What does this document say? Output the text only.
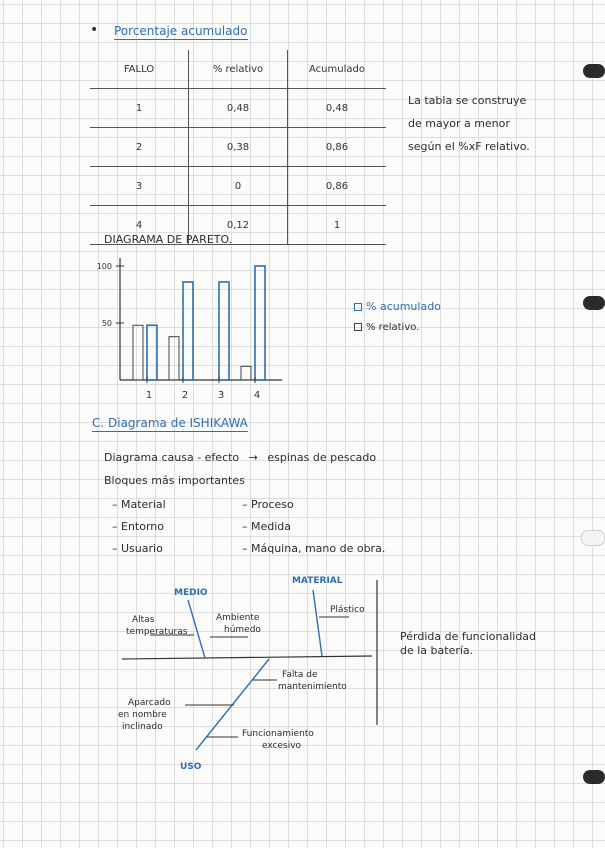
• Porcentaje acumulado
FALLO	% relativo	Acumulado
1	0,48	0,48
2	0,38	0,86
3	0	0,86
4	0,12	1
La tabla se construye
de mayor a menor
según el %xF relativo.
DIAGRAMA DE PARETO.
100
50
1	2	3	4
% acumulado
% relativo.
C. Diagrama de ISHIKAWA
Diagrama causa - efecto → espinas de pescado
Bloques más importantes
– Material
– Entorno
– Usuario
– Proceso
– Medida
– Máquina, mano de obra.
MEDIO
MATERIAL
USO
Altas
temperaturas
Ambiente
húmedo
Plástico
Falta de
mantenimiento
Aparcado
en nombre
inclinado
Funcionamiento
excesivo
Pérdida de funcionalidad
de la batería.
